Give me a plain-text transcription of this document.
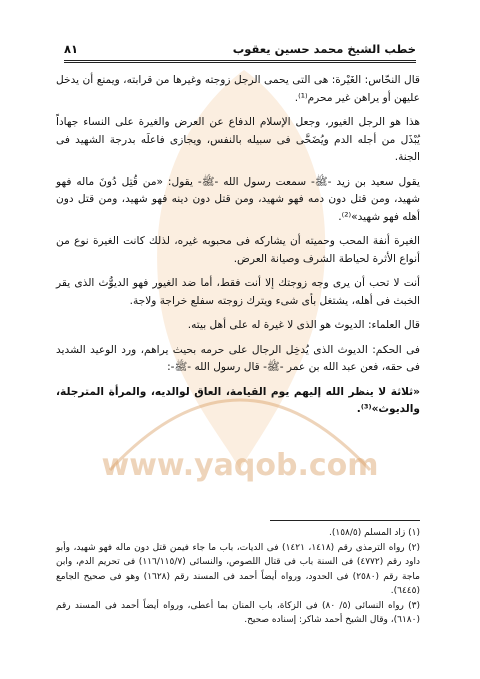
www.yaqob.com
خطب الشيخ محمد حسين يعقوب
٨١

قال النحّاس: الغَيْرة: هى التى يحمى الرجل زوجته وغيرها من قرابته، ويمنع أن يدخل عليهن أو يراهن غير محرم⁽¹⁾.

هذا هو الرجل الغيور، وجعل الإسلام الدفاع عن العرض والغيرة على النساء جهاداً يُبْذَل من أجله الدم ويُضَحَّى فى سبيله بالنفس، ويجازى فاعلَه بدرجة الشهيد فى الجنة.

يقول سعيد بن زيد -ﷺ- سمعت رسول الله -ﷺ- يقول: «من قُتِل دُونَ ماله فهو شهيد، ومن قتل دون دمه فهو شهيد، ومن قتل دون دينه فهو شهيد، ومن قتل دون أهله فهو شهيد»⁽²⁾.

الغيرة أنفة المحب وحميته أن يشاركه فى محبوبه غيره، لذلك كانت الغيرة نوع من أنواع الأثرة لحياطة الشرف وصيانة العرض.

أنت لا تحب أن يرى وجه زوجتك إلا أنت فقط، أما ضد الغيور فهو الديوُّث الذى يقر الخبث فى أهله، يشتغل بأى شىء ويترك زوجته سفلع خراجة ولاجة.

قال العلماء: الديوث هو الذى لا غيرة له على أهل بيته.

فى الحكم: الديوث الذى يُدخِل الرجال على حرمه بحيث يراهم، ورد الوعيد الشديد فى حقه، فعن عبد الله بن عمر -ﷺ- قال رسول الله -ﷺ-:

«ثلاثة لا ينظر الله إليهم يوم القيامة، العاق لوالديه، والمرأة المترجلة، والديوث»⁽³⁾.

(١) زاد المسلم (١٥٨/٥).

(٢) رواه الترمذى رقم (١٤١٨، ١٤٢١) فى الديات، باب ما جاء فيمن قتل دون ماله فهو شهيد، وأبو داود رقم (٤٧٧٢) فى السنة باب فى قتال اللصوص، والنسائى (١١٦/١١٥/٧) فى تحريم الدم، وابن ماجة رقم (٢٥٨٠) فى الحدود، ورواه أيضاً أحمد فى المسند رقم (١٦٢٨) وهو فى صحيح الجامع (٦٤٤٥).

(٣) رواه النسائى (٥/ ٨٠) فى الزكاة، باب المنان بما أعطى، ورواه أيضاً أحمد فى المسند رقم (٦١٨٠)، وقال الشيخ أحمد شاكر: إسناده صحيح.
